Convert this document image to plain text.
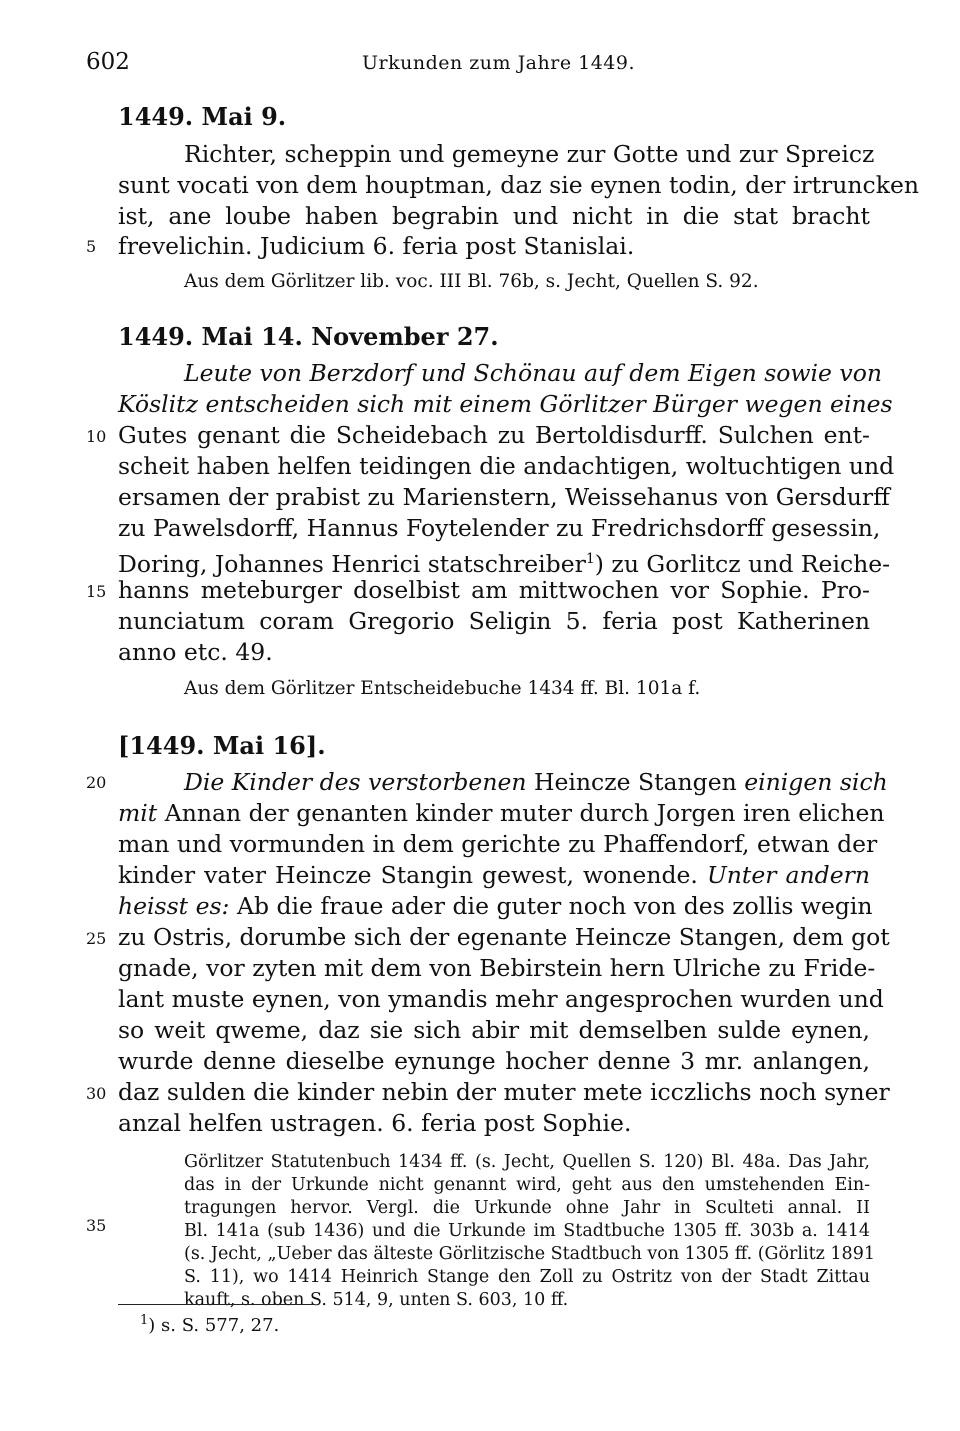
602	Urkunden zum Jahre 1449.
1449. Mai 9.
Richter, scheppin und gemeyne zur Gotte und zur Spreicz
sunt vocati von dem houptman, daz sie eynen todin, der irtruncken
ist, ane loube haben begrabin und nicht in die stat bracht
frevelichin. Judicium 6. feria post Stanislai.
Aus dem Görlitzer lib. voc. III Bl. 76b, s. Jecht, Quellen S. 92.
1449. Mai 14. November 27.
Leute von Berzdorf und Schönau auf dem Eigen sowie von
Köslitz entscheiden sich mit einem Görlitzer Bürger wegen eines
Gutes genant die Scheidebach zu Bertoldisdurff. Sulchen ent-
scheit haben helfen teidingen die andachtigen, woltuchtigen und
ersamen der prabist zu Marienstern, Weissehanus von Gersdurff
zu Pawelsdorff, Hannus Foytelender zu Fredrichsdorff gesessin,
Doring, Johannes Henrici statschreiber$^1$) zu Gorlitcz und Reiche-
hanns meteburger doselbist am mittwochen vor Sophie. Pro-
nunciatum coram Gregorio Seligin 5. feria post Katherinen
anno etc. 49.
Aus dem Görlitzer Entscheidebuche 1434 ff. Bl. 101a f.
[1449. Mai 16].
Die Kinder des verstorbenen Heincze Stangen einigen sich
mit Annan der genanten kinder muter durch Jorgen iren elichen
man und vormunden in dem gerichte zu Phaffendorf, etwan der
kinder vater Heincze Stangin gewest, wonende. Unter andern
heisst es: Ab die fraue ader die guter noch von des zollis wegin
zu Ostris, dorumbe sich der egenante Heincze Stangen, dem got
gnade, vor zyten mit dem von Bebirstein hern Ulriche zu Fride-
lant muste eynen, von ymandis mehr angesprochen wurden und
so weit qweme, daz sie sich abir mit demselben sulde eynen,
wurde denne dieselbe eynunge hocher denne 3 mr. anlangen,
daz sulden die kinder nebin der muter mete icczlichs noch syner
anzal helfen ustragen. 6. feria post Sophie.
Görlitzer Statutenbuch 1434 ff. (s. Jecht, Quellen S. 120) Bl. 48a. Das Jahr,
das in der Urkunde nicht genannt wird, geht aus den umstehenden Ein-
tragungen hervor. Vergl. die Urkunde ohne Jahr in Sculteti annal. II
Bl. 141a (sub 1436) und die Urkunde im Stadtbuche 1305 ff. 303b a. 1414
(s. Jecht, „Ueber das älteste Görlitzische Stadtbuch von 1305 ff. (Görlitz 1891
S. 11), wo 1414 Heinrich Stange den Zoll zu Ostritz von der Stadt Zittau
kauft, s. oben S. 514, 9, unten S. 603, 10 ff.
5
10
15
20
25
30
35
$^1$) s. S. 577, 27.
